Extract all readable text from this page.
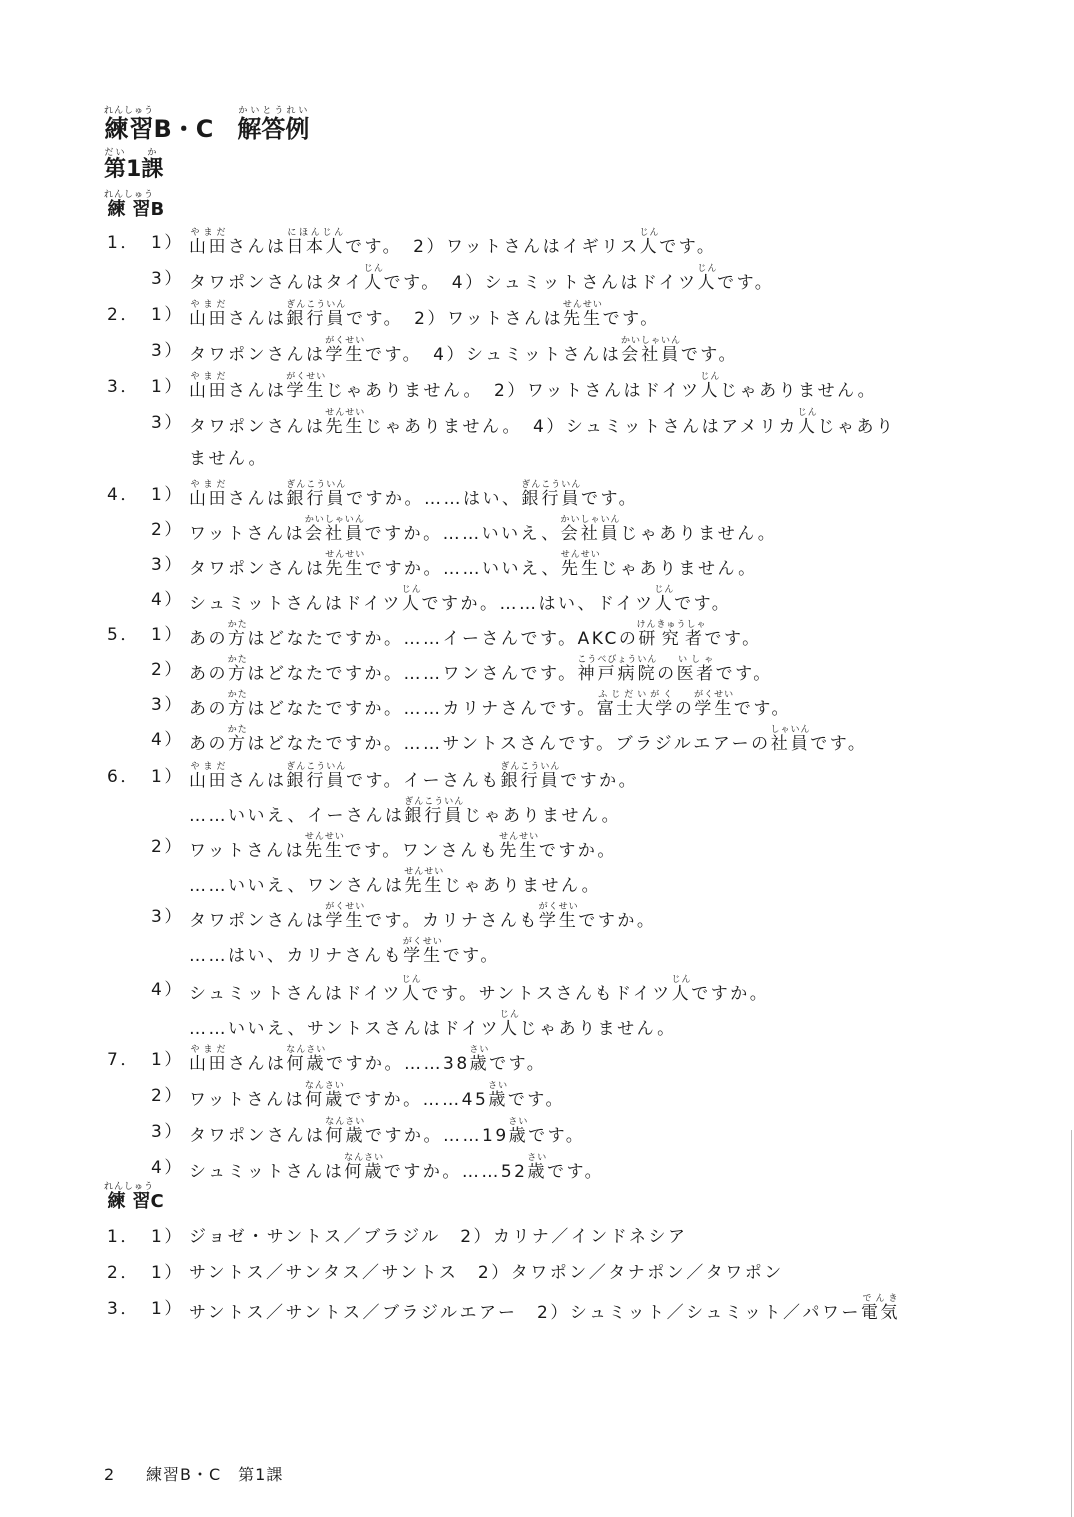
練習れんしゅうB・C 解答例かいとうれい
第だい1課か
練習れんしゅうB
1． 1） 山田やまださんは日本人にほんじんです。　2）ワットさんはイギリス人じんです。
3） タワポンさんはタイ人じんです。　4）シュミットさんはドイツ人じんです。
2． 1） 山田やまださんは銀行員ぎんこういんです。　2）ワットさんは先生せんせいです。
3） タワポンさんは学生がくせいです。　4）シュミットさんは会社員かいしゃいんです。
3． 1） 山田やまださんは学生がくせいじゃありません。　2）ワットさんはドイツ人じんじゃありません。
3） タワポンさんは先生せんせいじゃありません。　4）シュミットさんはアメリカ人じんじゃあり
ません。
4． 1） 山田やまださんは銀行員ぎんこういんですか。……はい、銀行員ぎんこういんです。
2） ワットさんは会社員かいしゃいんですか。……いいえ、会社員かいしゃいんじゃありません。
3） タワポンさんは先生せんせいですか。……いいえ、先生せんせいじゃありません。
4） シュミットさんはドイツ人じんですか。……はい、ドイツ人じんです。
5． 1） あの方かたはどなたですか。……イーさんです。AKCの研究者けんきゅうしゃです。
2） あの方かたはどなたですか。……ワンさんです。神戸病院こうべびょういんの医者いしゃです。
3） あの方かたはどなたですか。……カリナさんです。富士大学ふじだいがくの学生がくせいです。
4） あの方かたはどなたですか。……サントスさんです。ブラジルエアーの社員しゃいんです。
6． 1） 山田やまださんは銀行員ぎんこういんです。イーさんも銀行員ぎんこういんですか。
……いいえ、イーさんは銀行員ぎんこういんじゃありません。
2） ワットさんは先生せんせいです。ワンさんも先生せんせいですか。
……いいえ、ワンさんは先生せんせいじゃありません。
3） タワポンさんは学生がくせいです。カリナさんも学生がくせいですか。
……はい、カリナさんも学生がくせいです。
4） シュミットさんはドイツ人じんです。サントスさんもドイツ人じんですか。
……いいえ、サントスさんはドイツ人じんじゃありません。
7． 1） 山田やまださんは何歳なんさいですか。……38歳さいです。
2） ワットさんは何歳なんさいですか。……45歳さいです。
3） タワポンさんは何歳なんさいですか。……19歳さいです。
4） シュミットさんは何歳なんさいですか。……52歳さいです。
練習れんしゅうC
1． 1） ジョゼ・サントス／ブラジル　2）カリナ／インドネシア
2． 1） サントス／サンタス／サントス　2）タワポン／タナポン／タワポン
3． 1） サントス／サントス／ブラジルエアー　2）シュミット／シュミット／パワー電気でんき
2 練習B・C　第1課
